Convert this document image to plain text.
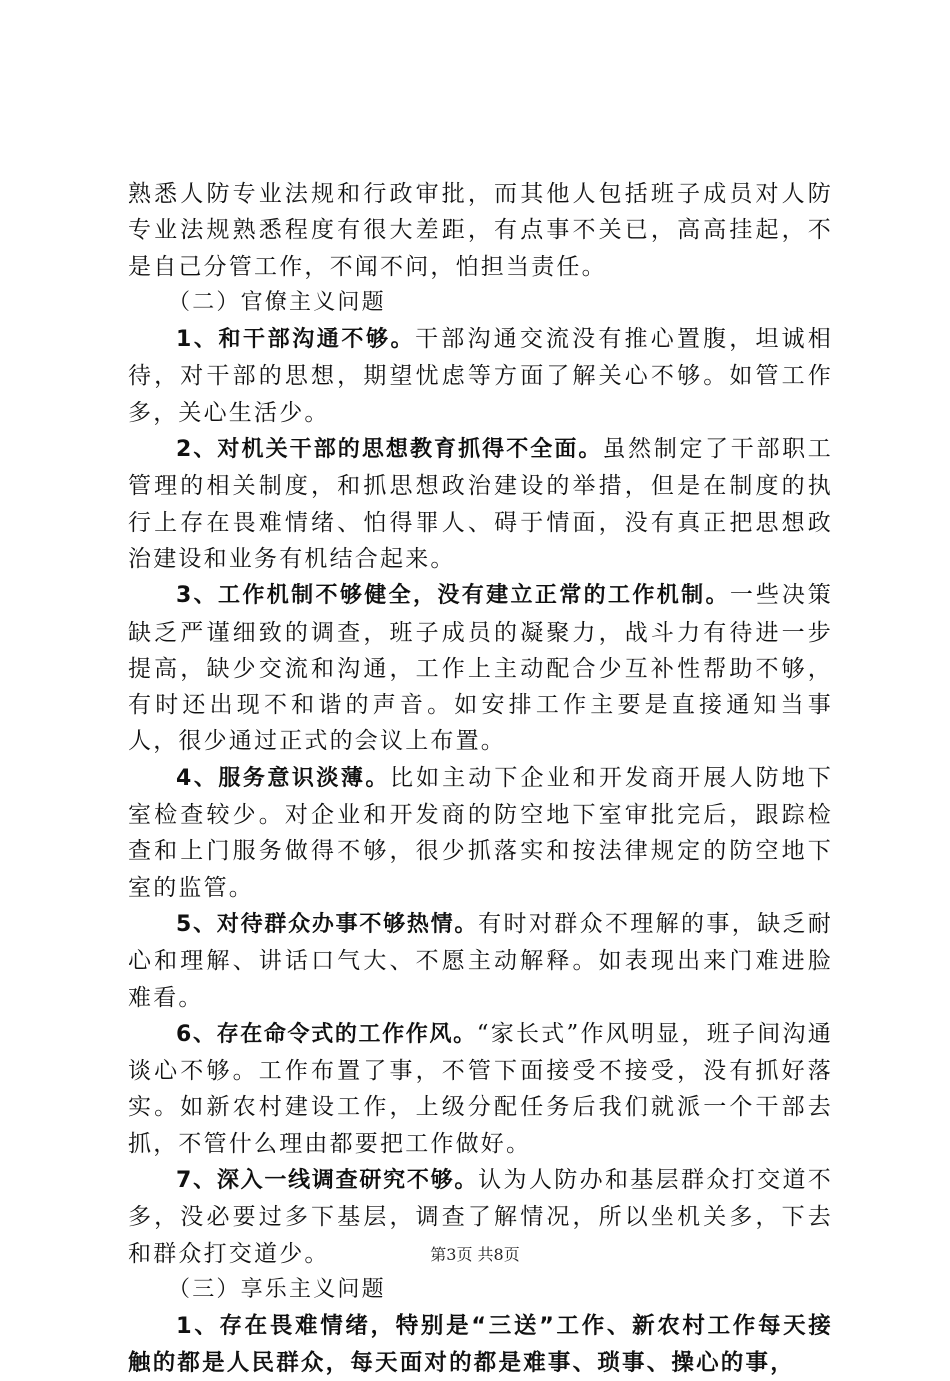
熟悉人防专业法规和行政审批，而其他人包括班子成员对人防专业法规熟悉程度有很大差距，有点事不关已，高高挂起，不是自己分管工作，不闻不问，怕担当责任。

（二）官僚主义问题

1、和干部沟通不够。干部沟通交流没有推心置腹，坦诚相待，对干部的思想，期望忧虑等方面了解关心不够。如管工作多，关心生活少。

2、对机关干部的思想教育抓得不全面。虽然制定了干部职工管理的相关制度，和抓思想政治建设的举措，但是在制度的执行上存在畏难情绪、怕得罪人、碍于情面，没有真正把思想政治建设和业务有机结合起来。

3、工作机制不够健全，没有建立正常的工作机制。一些决策缺乏严谨细致的调查，班子成员的凝聚力，战斗力有待进一步提高，缺少交流和沟通，工作上主动配合少互补性帮助不够，有时还出现不和谐的声音。如安排工作主要是直接通知当事人，很少通过正式的会议上布置。

4、服务意识淡薄。比如主动下企业和开发商开展人防地下室检查较少。对企业和开发商的防空地下室审批完后，跟踪检查和上门服务做得不够，很少抓落实和按法律规定的防空地下室的监管。

5、对待群众办事不够热情。有时对群众不理解的事，缺乏耐心和理解、讲话口气大、不愿主动解释。如表现出来门难进脸难看。

6、存在命令式的工作作风。“家长式”作风明显，班子间沟通谈心不够。工作布置了事，不管下面接受不接受，没有抓好落实。如新农村建设工作，上级分配任务后我们就派一个干部去抓，不管什么理由都要把工作做好。

7、深入一线调查研究不够。认为人防办和基层群众打交道不多，没必要过多下基层，调查了解情况，所以坐机关多，下去和群众打交道少。

（三）享乐主义问题

1、存在畏难情绪，特别是“三送”工作、新农村工作每天接触的都是人民群众，每天面对的都是难事、琐事、操心的事，

第3页 共8页
